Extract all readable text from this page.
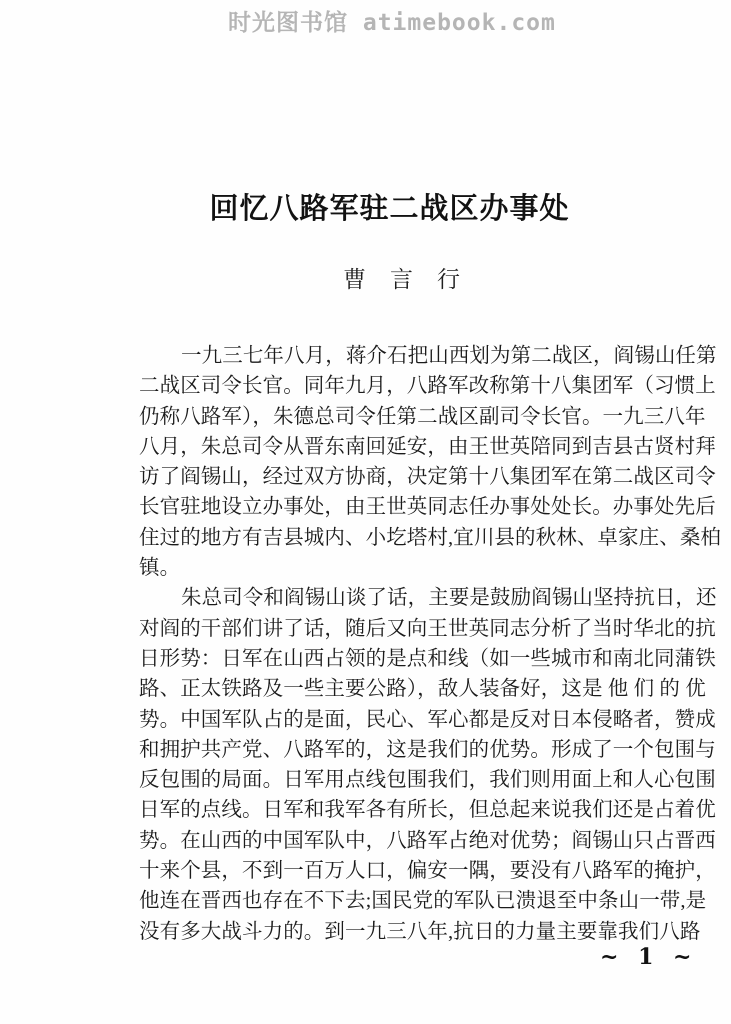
时光图书馆 atimebook.com
回忆八路军驻二战区办事处
曹言行
一九三七年八月，蒋介石把山西划为第二战区，阎锡山任第
二战区司令长官。同年九月，八路军改称第十八集团军（习惯上
仍称八路军），朱德总司令任第二战区副司令长官。一九三八年
八月，朱总司令从晋东南回延安，由王世英陪同到吉县古贤村拜
访了阎锡山，经过双方协商，决定第十八集团军在第二战区司令
长官驻地设立办事处，由王世英同志任办事处处长。办事处先后
住过的地方有吉县城内、小圪塔村,宜川县的秋林、卓家庄、桑柏
镇。
朱总司令和阎锡山谈了话，主要是鼓励阎锡山坚持抗日，还
对阎的干部们讲了话，随后又向王世英同志分析了当时华北的抗
日形势：日军在山西占领的是点和线（如一些城市和南北同蒲铁
路、正太铁路及一些主要公路），敌人装备好，这是 他 们 的 优
势。中国军队占的是面，民心、军心都是反对日本侵略者，赞成
和拥护共产党、八路军的，这是我们的优势。形成了一个包围与
反包围的局面。日军用点线包围我们，我们则用面上和人心包围
日军的点线。日军和我军各有所长，但总起来说我们还是占着优
势。在山西的中国军队中，八路军占绝对优势；阎锡山只占晋西
十来个县，不到一百万人口，偏安一隅，要没有八路军的掩护，
他连在晋西也存在不下去;国民党的军队已溃退至中条山一带,是
没有多大战斗力的。到一九三八年,抗日的力量主要靠我们八路
~ 1 ~
